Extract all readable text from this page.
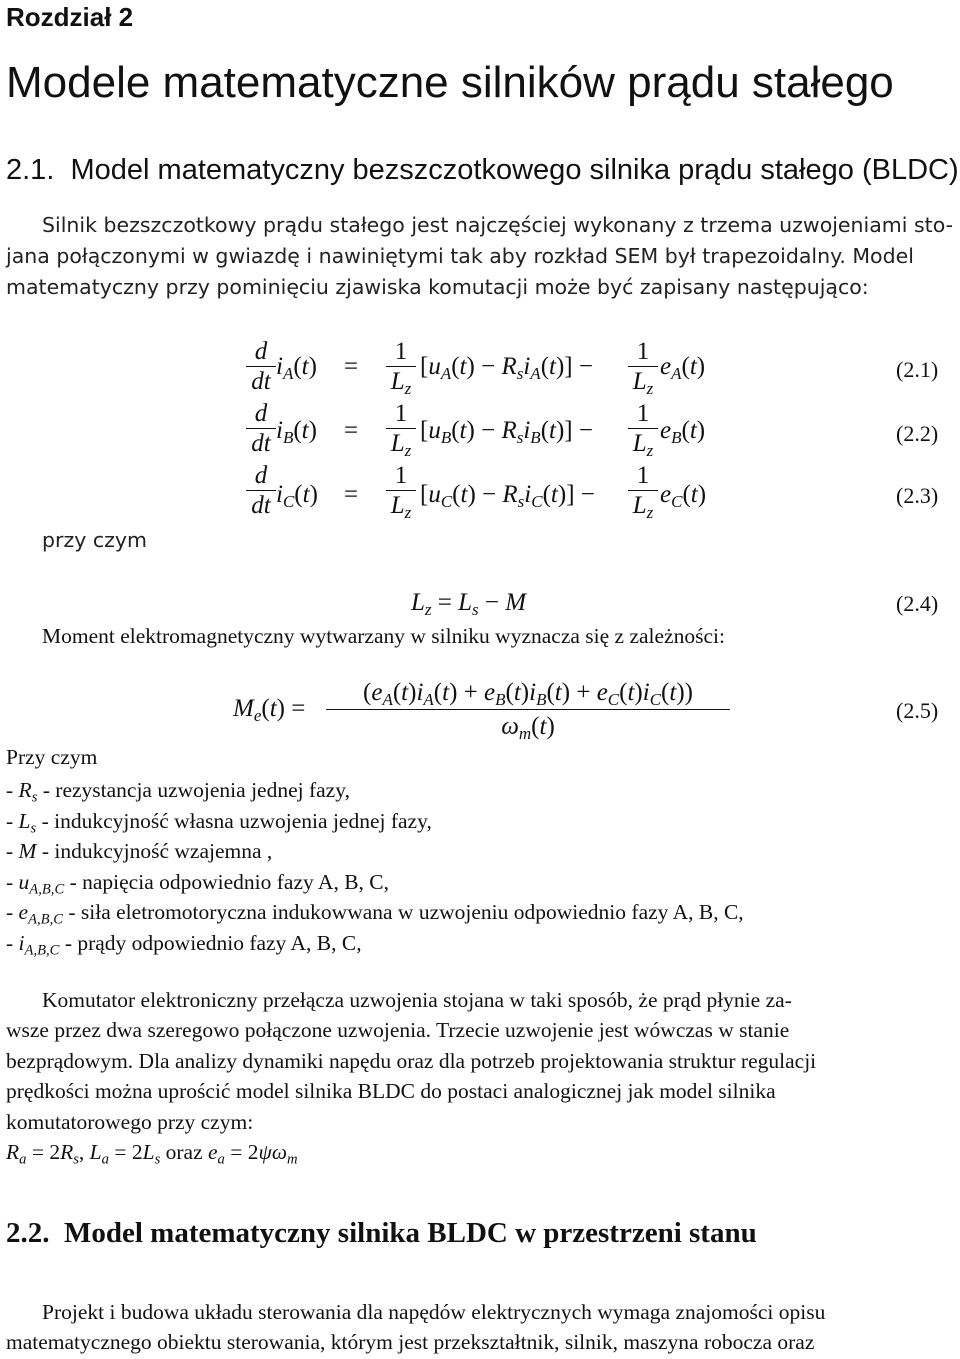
Rozdział 2
Modele matematyczne silników prądu stałego
2.1. Model matematyczny bezszczotkowego silnika prądu stałego (BLDC)
Silnik bezszczotkowy prądu stałego jest najczęściej wykonany z trzema uzwojeniami sto-
jana połączonymi w gwiazdę i nawiniętymi tak aby rozkład SEM był trapezoidalny. Model
matematyczny przy pominięciu zjawiska komutacji może być zapisany następująco:
d
dt
$i_A(t)$ =
1
$L_z$
$[u_A(t) - R_si_A(t)]$ −
1
$L_z$
$e_A(t)$	(2.1)
d
dt $i_B(t)$ =
1
$L_z$
$[u_B(t) - R_si_B(t)]$ −
1
$L_z$
$e_B(t)$	(2.2)
d
dt $i_C(t)$ =
1
$L_z$
$[u_C(t) - R_si_C(t)]$ −
1
$L_z$
$e_C(t)$	(2.3)
przy czym
$L_z = L_s - M$	(2.4)
Moment elektromagnetyczny wytwarzany w silniku wyznacza się z zależności:
$M_e(t)$ =
$(e_A(t)i_A(t) + e_B(t)i_B(t) + e_C(t)i_C(t))$
$\omega_m(t)$
(2.5)
Przy czym
- $R_s$ - rezystancja uzwojenia jednej fazy,
- $L_s$ - indukcyjność własna uzwojenia jednej fazy,
- M - indukcyjność wzajemna ,
- $u_{A,B,C}$ - napięcia odpowiednio fazy A, B, C,
- $e_{A,B,C}$ - siła eletromotoryczna indukowwana w uzwojeniu odpowiednio fazy A, B, C,
- $i_{A,B,C}$ - prądy odpowiednio fazy A, B, C,
Komutator elektroniczny przełącza uzwojenia stojana w taki sposób, że prąd płynie za-
wsze przez dwa szeregowo połączone uzwojenia. Trzecie uzwojenie jest wówczas w stanie
bezprądowym. Dla analizy dynamiki napędu oraz dla potrzeb projektowania struktur regulacji
prędkości można uprościć model silnika BLDC do postaci analogicznej jak model silnika
komutatorowego przy czym:
$R_a = 2R_s$, $L_a = 2L_s$ oraz $e_a = 2\psi\omega_m$
2.2. Model matematyczny silnika BLDC w przestrzeni stanu
Projekt i budowa układu sterowania dla napędów elektrycznych wymaga znajomości opisu
matematycznego obiektu sterowania, którym jest przekształtnik, silnik, maszyna robocza oraz
